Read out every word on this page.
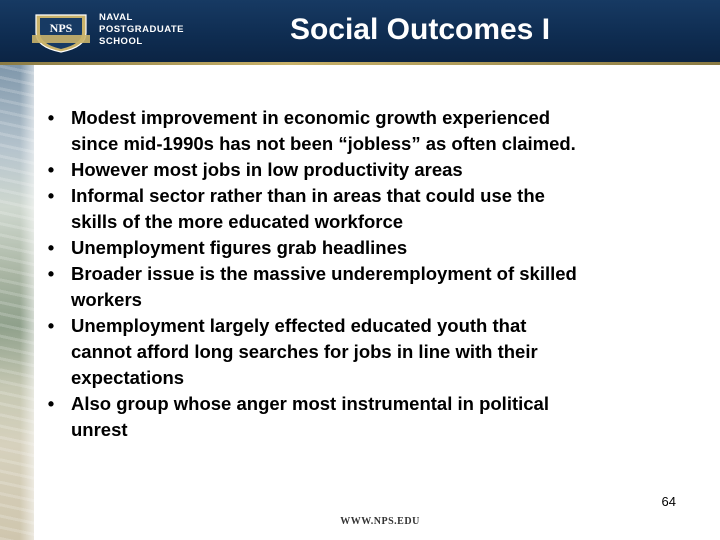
NPS
NAVAL
POSTGRADUATE
SCHOOL	Social Outcomes I
• Modest improvement in economic growth experienced
since mid-1990s has not been “jobless” as often claimed.
• However most jobs in low productivity areas
• Informal sector rather than in areas that could use the
skills of the more educated workforce
• Unemployment figures grab headlines
• Broader issue is the massive underemployment of skilled
workers
• Unemployment largely effected educated youth that
cannot afford long searches for jobs in line with their
expectations
• Also group whose anger most instrumental in political
unrest
64
WWW.NPS.EDU
